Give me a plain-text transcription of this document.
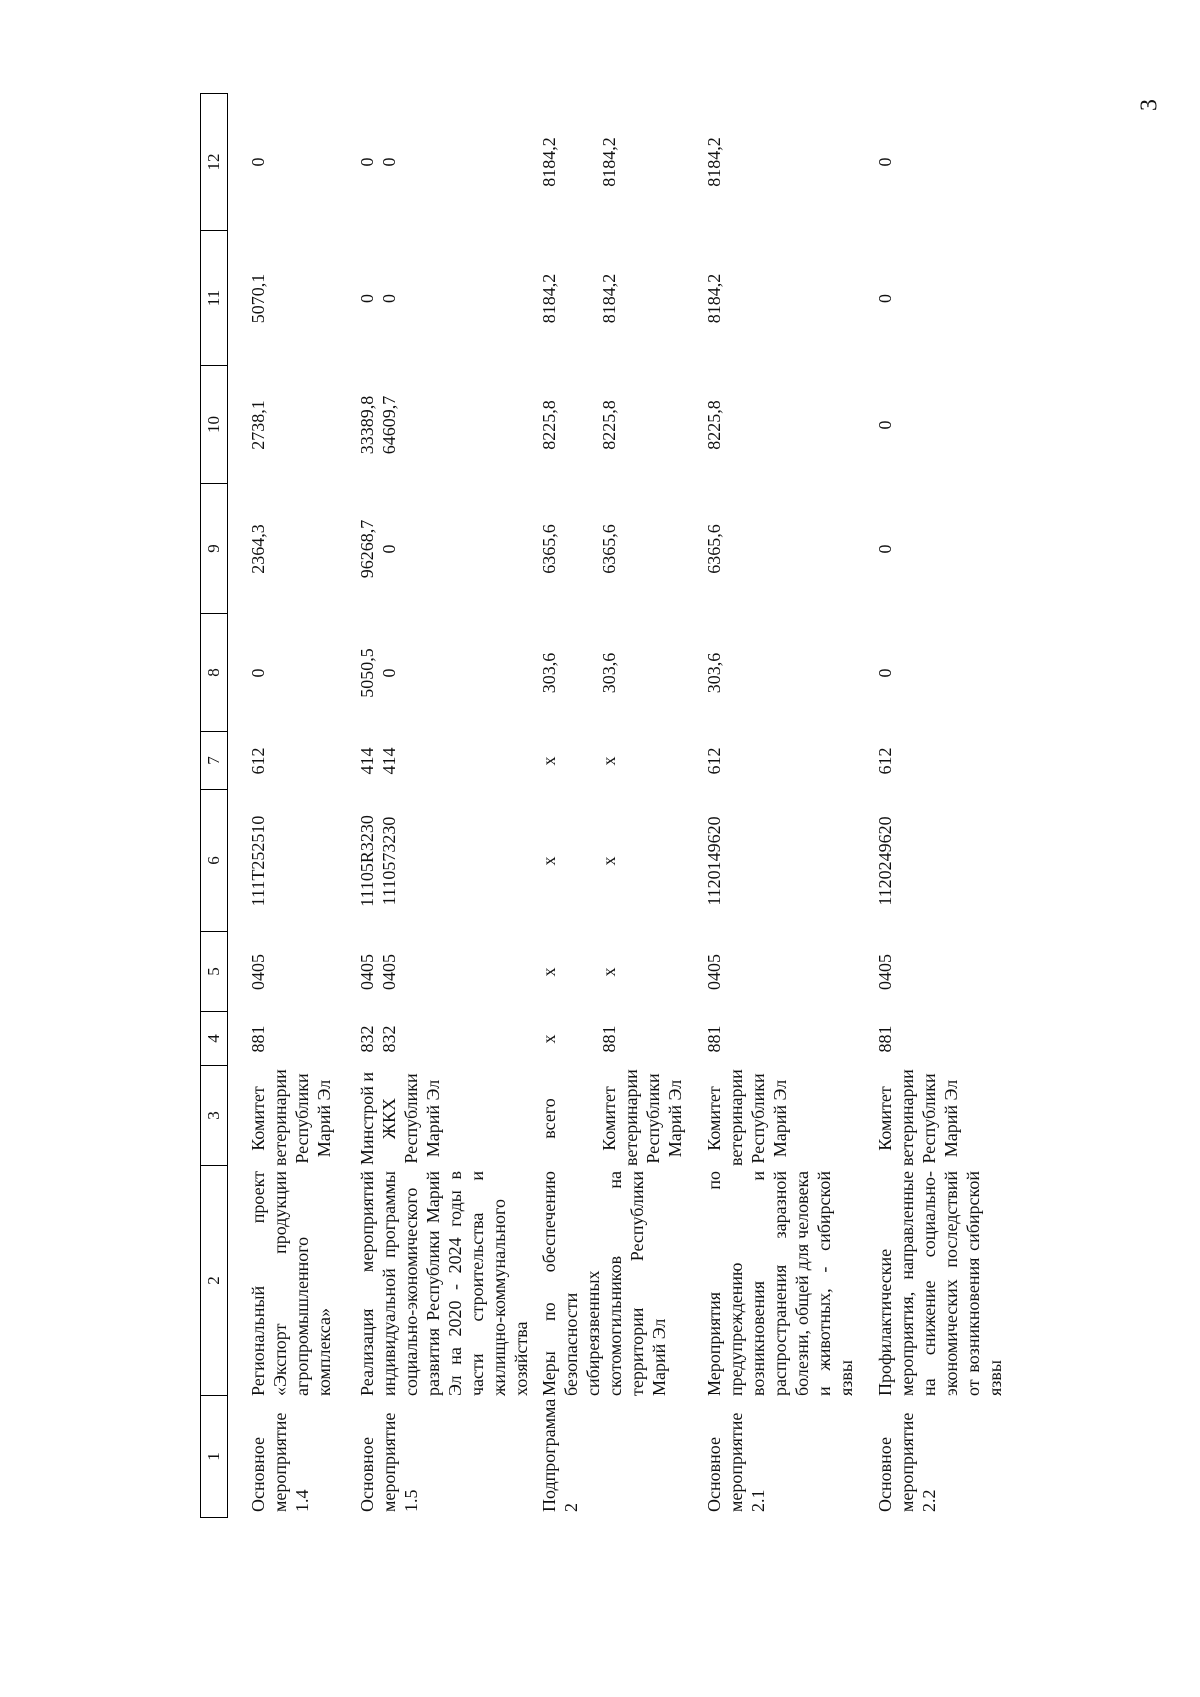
3
1
2
3
4
5
6
7
8
9
10
11
12
Основное мероприятие 1.4
Региональный проект «Экспорт продукции агропромышленного комплекса»
Комитет ветеринарии Республики Марий Эл
881
0405
111Т252510
612
0
2364,3
2738,1
5070,1
0
Основное мероприятие 1.5
Реализация мероприятий индивидуальной программы социально-экономического развития Республики Марий Эл на 2020 - 2024 годы в части строительства и жилищно-коммунального хозяйства
Минстрой и ЖКХ Республики Марий Эл
832
832
0405
0405
11105R3230
1110573230
414
414
5050,5
0
96268,7
0
33389,8
64609,7
0
0
0
0
Подпрограмма 2
Меры по обеспечению безопасности сибиреязвенных скотомогильников на территории Республики Марий Эл
всего
х
х
х
х
303,6
6365,6
8225,8
8184,2
8184,2
Комитет ветеринарии Республики Марий Эл
881
х
х
х
303,6
6365,6
8225,8
8184,2
8184,2
Основное мероприятие 2.1
Мероприятия по предупреждению возникновения и распространения заразной болезни, общей для человека и животных, - сибирской язвы
Комитет ветеринарии Республики Марий Эл
881
0405
1120149620
612
303,6
6365,6
8225,8
8184,2
8184,2
Основное мероприятие 2.2
Профилактические мероприятия, направленные на снижение социально-экономических последствий от возникновения сибирской язвы
Комитет ветеринарии Республики Марий Эл
881
0405
1120249620
612
0
0
0
0
0
